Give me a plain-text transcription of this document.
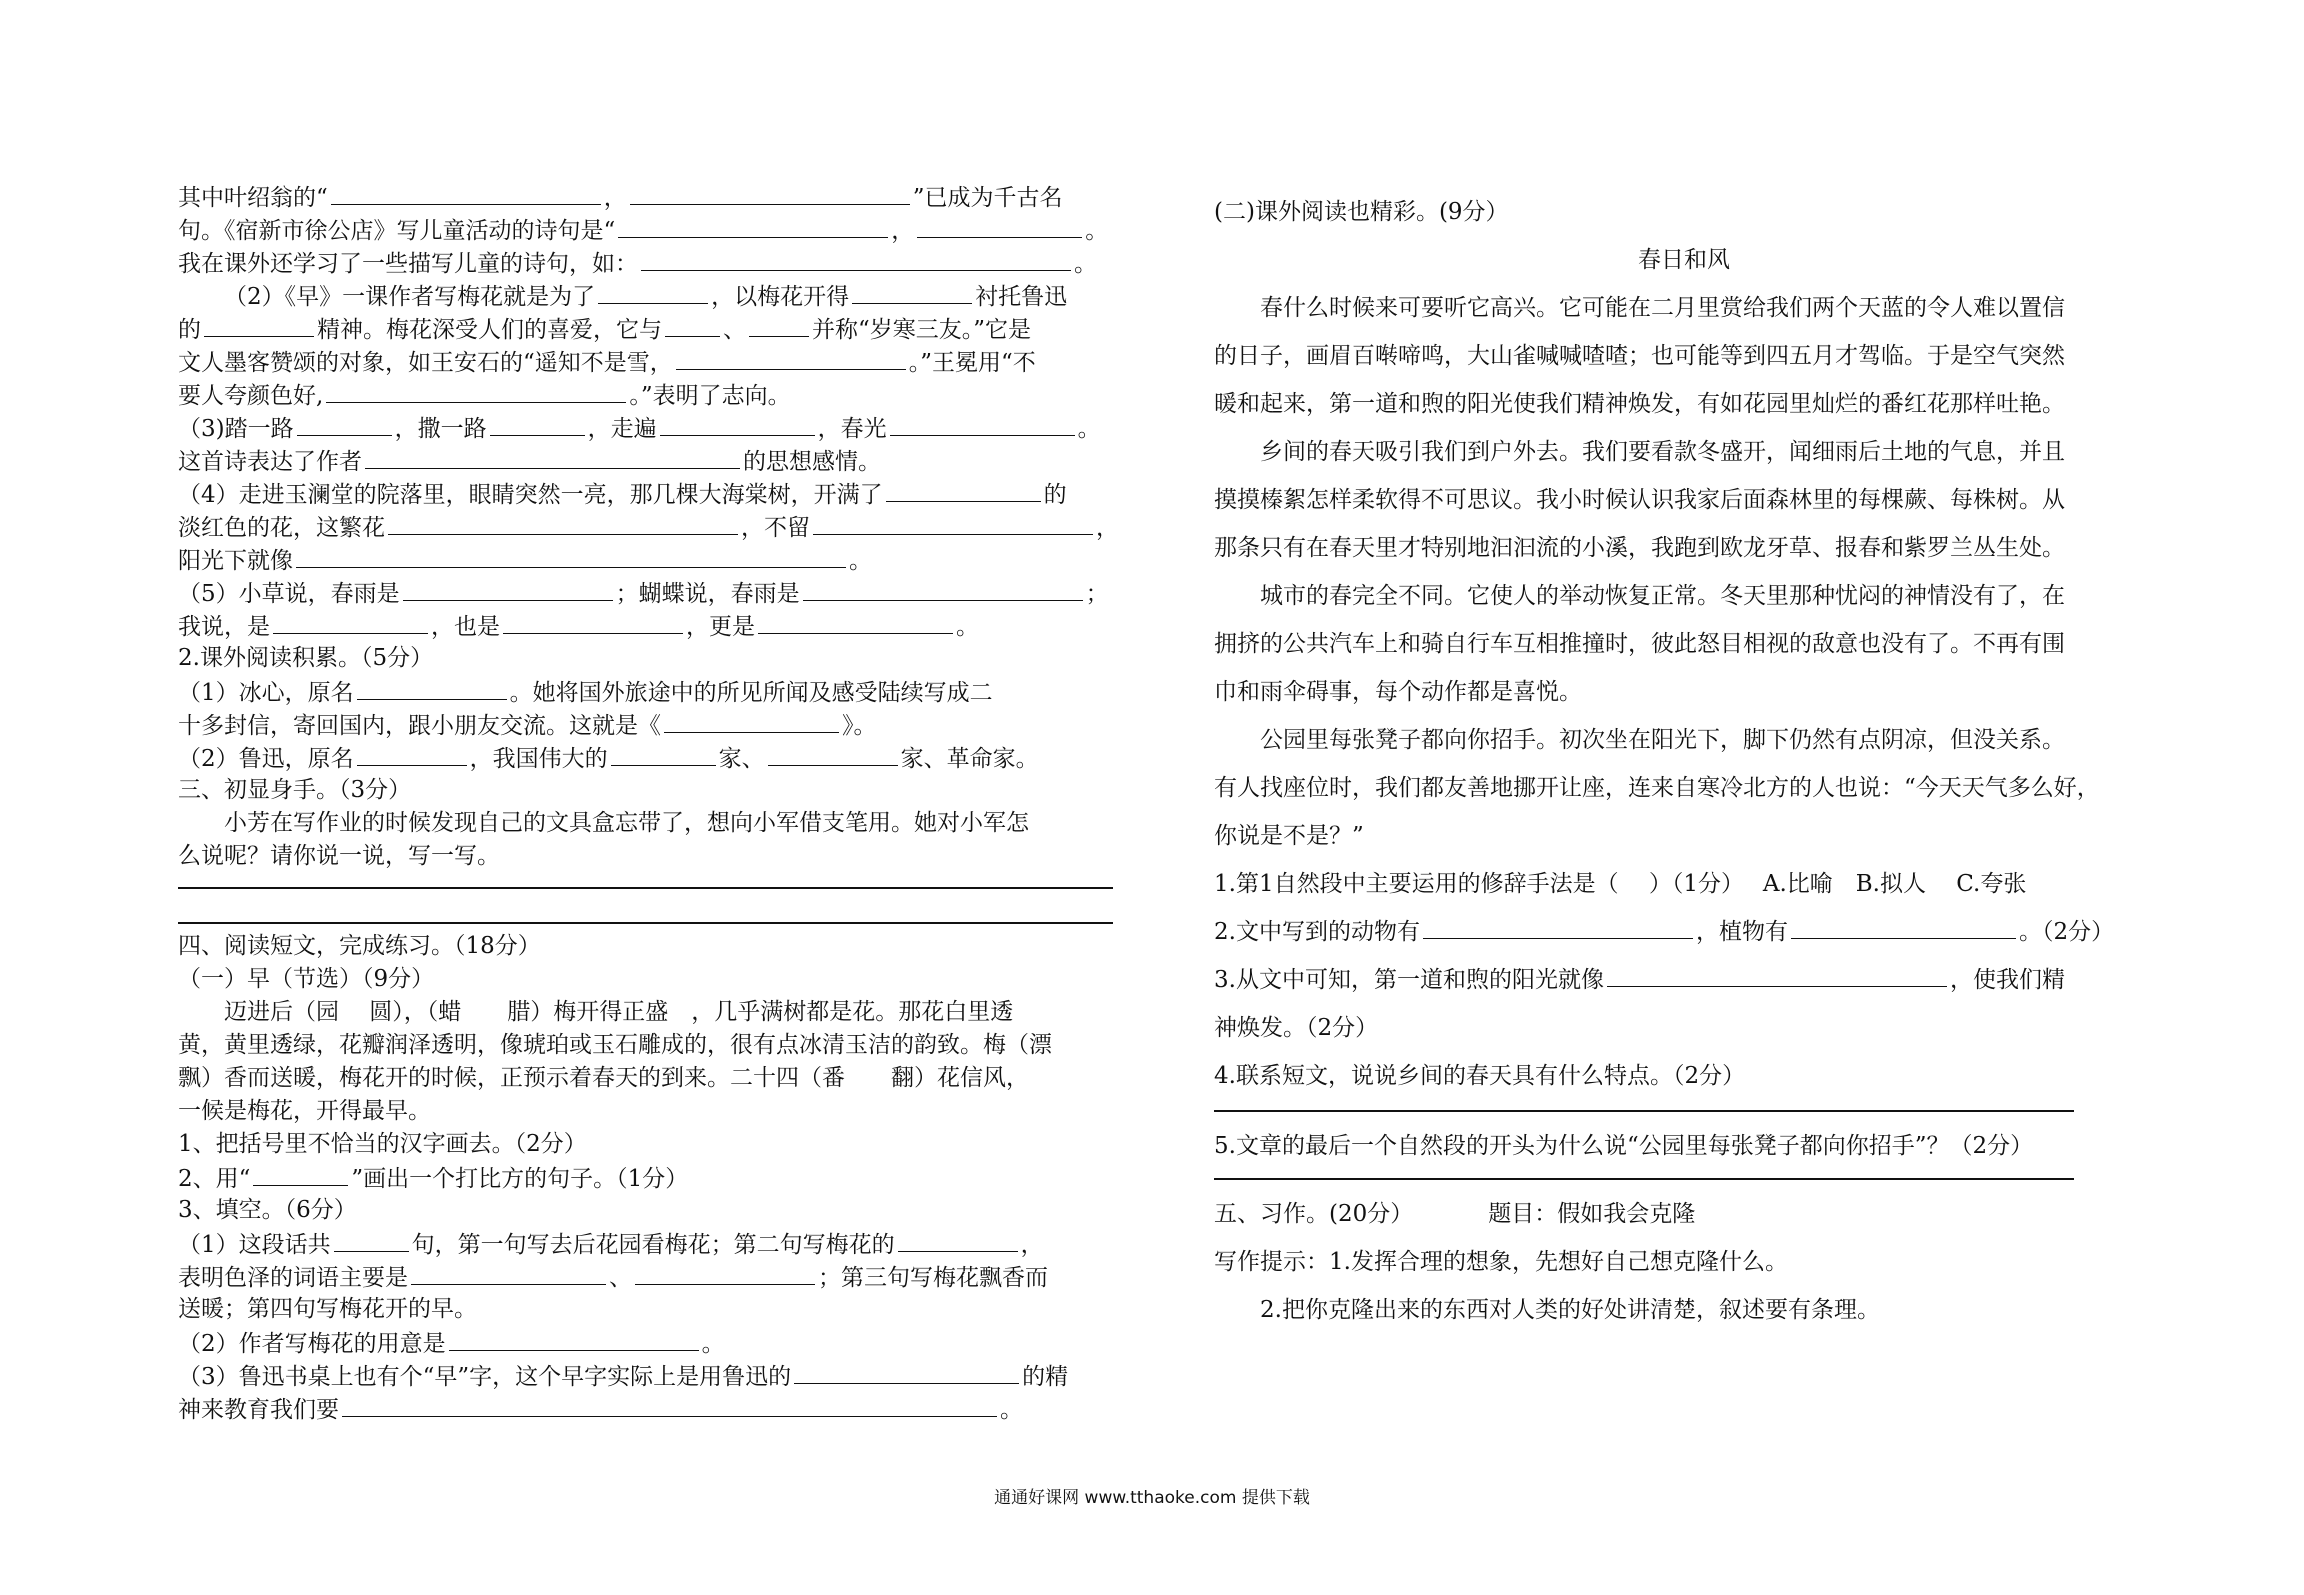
其中叶绍翁的“	，	”已成为千古名
句。《宿新市徐公店》写儿童活动的诗句是“	，	。
我在课外还学习了一些描写儿童的诗句，如：	。
（2）《早》一课作者写梅花就是为了	，以梅花开得	衬托鲁迅
的	精神。梅花深受人们的喜爱，它与	、	并称“岁寒三友。”它是
文人墨客赞颂的对象，如王安石的“遥知不是雪，	。”王冕用“不
要人夸颜色好,	。”表明了志向。
（3)踏一路	，撒一路	，走遍	，春光	。
这首诗表达了作者	的思想感情。
（4）走进玉澜堂的院落里，眼睛突然一亮，那几棵大海棠树，开满了	的
淡红色的花，这繁花	，不留	，
阳光下就像	。
（5）小草说，春雨是	；蝴蝶说，春雨是	；
我说，是	，也是	，更是	。
2.课外阅读积累。（5分）
（1）冰心，原名	。她将国外旅途中的所见所闻及感受陆续写成二
十多封信，寄回国内，跟小朋友交流。这就是《	》。
（2）鲁迅，原名	，我国伟大的	家、	家、革命家。
三、初显身手。（3分）
小芳在写作业的时候发现自己的文具盒忘带了，想向小军借支笔用。她对小军怎
么说呢？请你说一说，写一写。
四、阅读短文，完成练习。（18分）
（一）早（节选）（9分）
迈进后（园　 圆），（蜡　　腊）梅开得正盛　，几乎满树都是花。那花白里透
黄，黄里透绿，花瓣润泽透明，像琥珀或玉石雕成的，很有点冰清玉洁的韵致。梅（漂
飘）香而送暖，梅花开的时候，正预示着春天的到来。二十四（番　　翻）花信风，
一候是梅花，开得最早。
1、把括号里不恰当的汉字画去。（2分）
2、用“	”画出一个打比方的句子。（1分）
3、填空。（6分）
（1）这段话共	句，第一句写去后花园看梅花；第二句写梅花的	，
表明色泽的词语主要是	、	；第三句写梅花飘香而
送暖；第四句写梅花开的早。
（2）作者写梅花的用意是	。
（3）鲁迅书桌上也有个“早”字，这个早字实际上是用鲁迅的	的精
神来教育我们要	。
(二)课外阅读也精彩。(9分）
春日和风
春什么时候来可要听它高兴。它可能在二月里赏给我们两个天蓝的令人难以置信
的日子，画眉百啭啼鸣，大山雀喊喊喳喳；也可能等到四五月才驾临。于是空气突然
暖和起来，第一道和煦的阳光使我们精神焕发，有如花园里灿烂的番红花那样吐艳。
乡间的春天吸引我们到户外去。我们要看款冬盛开，闻细雨后土地的气息，并且
摸摸榛絮怎样柔软得不可思议。我小时候认识我家后面森林里的每棵蕨、每株树。从
那条只有在春天里才特别地汩汩流的小溪，我跑到欧龙牙草、报春和紫罗兰丛生处。
城市的春完全不同。它使人的举动恢复正常。冬天里那种忧闷的神情没有了，在
拥挤的公共汽车上和骑自行车互相推撞时，彼此怒目相视的敌意也没有了。不再有围
巾和雨伞碍事，每个动作都是喜悦。
公园里每张凳子都向你招手。初次坐在阳光下，脚下仍然有点阴凉，但没关系。
有人找座位时，我们都友善地挪开让座，连来自寒冷北方的人也说：“今天天气多么好，
你说是不是？”
1.第1自然段中主要运用的修辞手法是（　 ）（1分）　 A.比喻　B.拟人　 C.夸张
2.文中写到的动物有	，植物有	。（2分）
3.从文中可知，第一道和煦的阳光就像	，使我们精
神焕发。（2分）
4.联系短文，说说乡间的春天具有什么特点。（2分）
5.文章的最后一个自然段的开头为什么说“公园里每张凳子都向你招手”？（2分）
五、习作。(20分）	题目：假如我会克隆
写作提示：1.发挥合理的想象，先想好自己想克隆什么。
2.把你克隆出来的东西对人类的好处讲清楚，叙述要有条理。
通通好课网 www.tthaoke.com 提供下载
